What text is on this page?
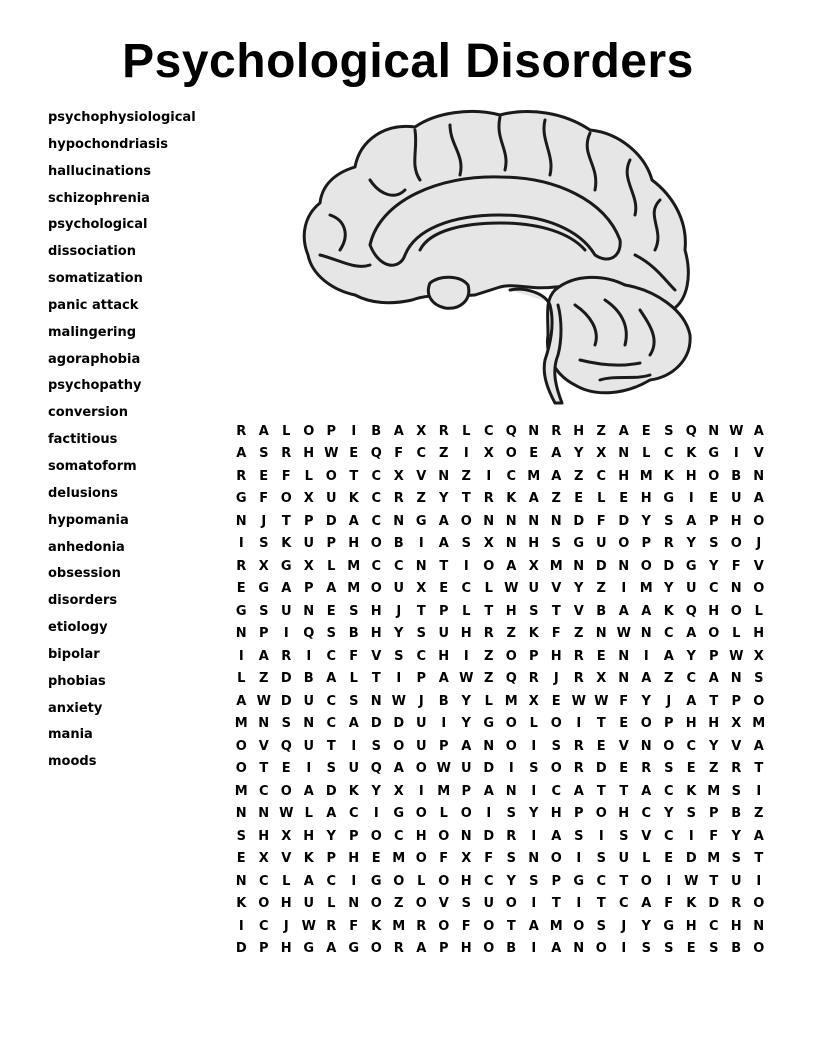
Psychological Disorders
psychophysiological
hypochondriasis
hallucinations
schizophrenia
psychological
dissociation
somatization
panic attack
malingering
agoraphobia
psychopathy
conversion
factitious
somatoform
delusions
hypomania
anhedonia
obsession
disorders
etiology
bipolar
phobias
anxiety
mania
moods
R A	L O P	I	B A X R	L	C Q N R H Z A	E	S Q N W A
A S R H W E Q F	C	Z	I	X O E	A Y X N L	C K G	I	V
R	E	F	L O T	C X V N Z	I	C M A Z	C H M K H O B N
G F O X U K C R Z	Y	T	R K A Z	E	L	E H G	I	E U A
N	J	T	P D A C N G A O N N N N D F D Y	S A P H O
I	S K U P H O B	I	A S X N H S G U O P R Y	S O	J
R X G X	L M C C N T	I	O A X M N D N O D G Y	F	V
E G A P A M O U X	E	C	L W U V Y	Z	I	M Y U C N O
G S U N E	S H	J	T	P	L	T H S	T	V B A A K Q H O L
N P	I	Q S B H Y	S U H R Z K	F	Z N W N C A O L H
I	A R	I	C	F	V S	C H	I	Z O P H R	E N	I	A Y	P W X
L	Z D B A	L	T	I	P A W Z Q R	J	R X N A Z	C A N S
A W D U C	S N W J	B Y	L M X	E W W F	Y	J	A	T	P O
M N S N C A D D U	I	Y G O L O	I	T	E O P H H X M
O V Q U T	I	S O U P A N O	I	S R	E	V N O C	Y V A
O T	E	I	S U Q A O W U D	I	S O R D E	R S	E	Z R	T
M C O A D K Y X	I	M P A N	I	C A	T	T	A C K M S	I
N N W L	A C	I	G O L O	I	S	Y H P O H C	Y	S	P B Z
S H X H Y	P O C H O N D R	I	A S	I	S V C	I	F	Y A
E	X V K P H E M O F	X	F	S N O	I	S U	L	E D M S	T
N C	L	A C	I	G O L O H C	Y	S	P G C	T O	I W T U	I
K O H U	L N O Z O V S U O	I	T	I	T	C A	F	K D R O
I	C	J W R	F	K M R O F O T	A M O S	J	Y G H C H N
D P H G A G O R A P H O B	I	A N O	I	S	S	E	S B O
